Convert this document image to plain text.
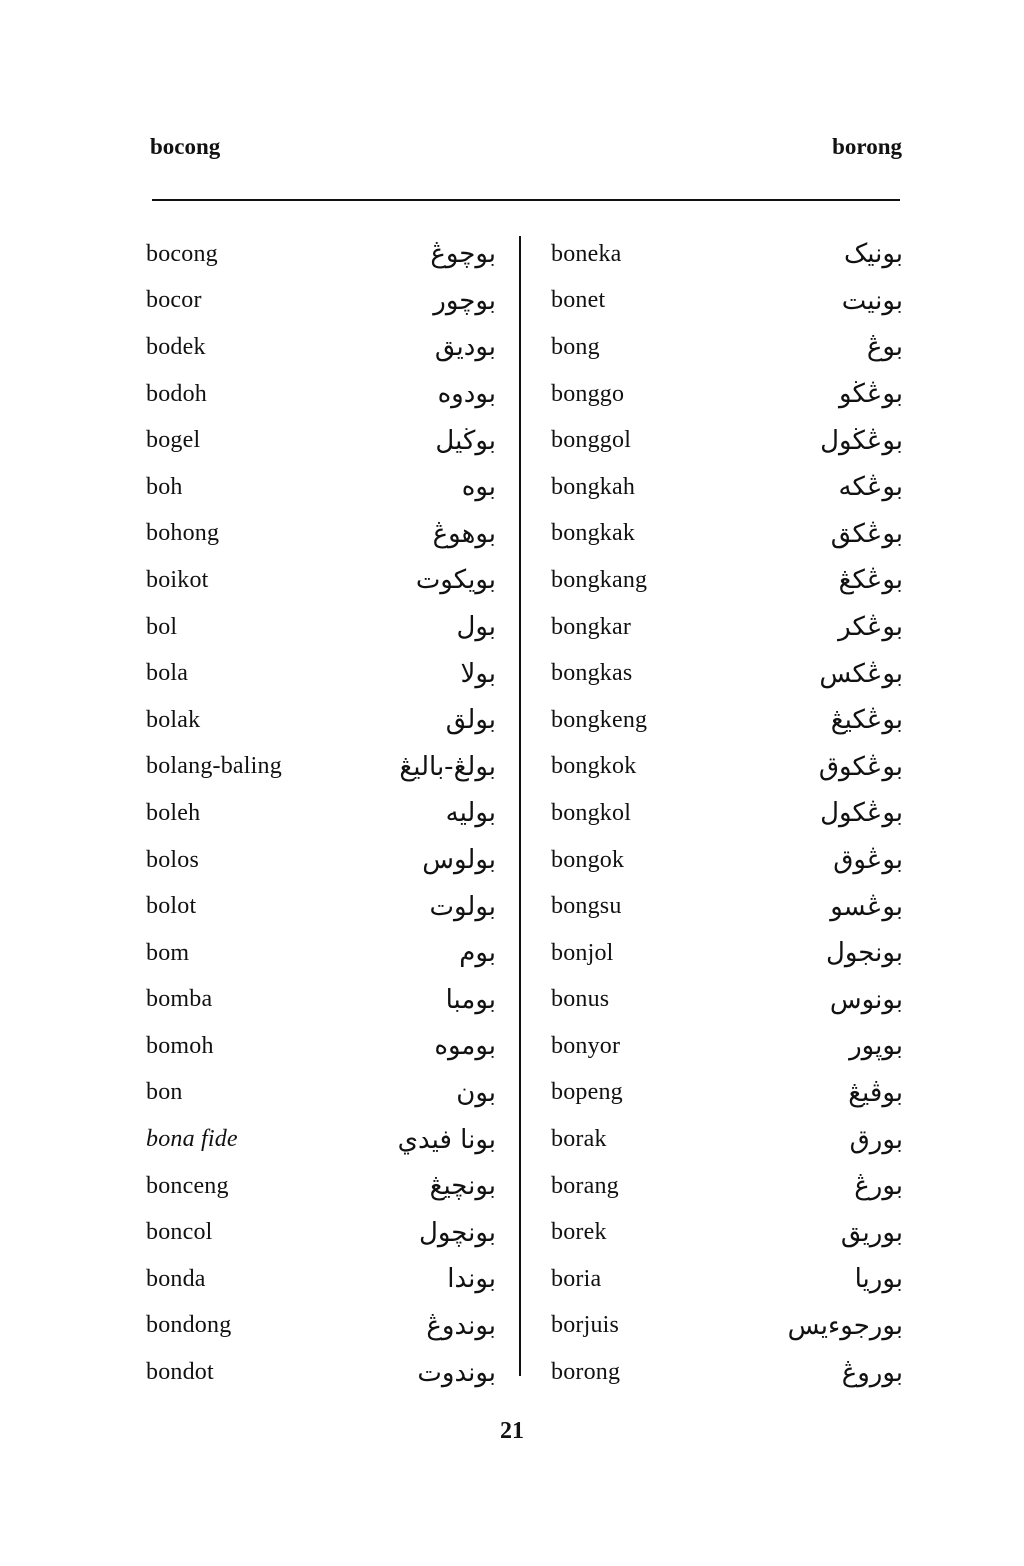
bocong	borong
bocong	بوچوڠ
bocor	بوچور
bodek	بوديق
bodoh	بودوه
bogel	بوڬيل
boh	بوه
bohong	بوهوڠ
boikot	بويكوت
bol	بول
bola	بولا
bolak	بولق
bolang-baling	بولڠ-باليڠ
boleh	بوليه
bolos	بولوس
bolot	بولوت
bom	بوم
bomba	بومبا
bomoh	بوموه
bon	بون
bona fide	بونا فيدي
bonceng	بونچيڠ
boncol	بونچول
bonda	بوندا
bondong	بوندوڠ
bondot	بوندوت
boneka	بونيک
bonet	بونيت
bong	بوڠ
bonggo	بوڠڬو
bonggol	بوڠڬول
bongkah	بوڠکه
bongkak	بوڠکق
bongkang	بوڠکڠ
bongkar	بوڠکر
bongkas	بوڠکس
bongkeng	بوڠکيڠ
bongkok	بوڠکوق
bongkol	بوڠکول
bongok	بوڠوق
bongsu	بوڠسو
bonjol	بونجول
bonus	بونوس
bonyor	بوڽور
bopeng	بوڤيڠ
borak	بورق
borang	بورڠ
borek	بوريق
boria	بوريا
borjuis	بورجوءيس
borong	بوروڠ
21
